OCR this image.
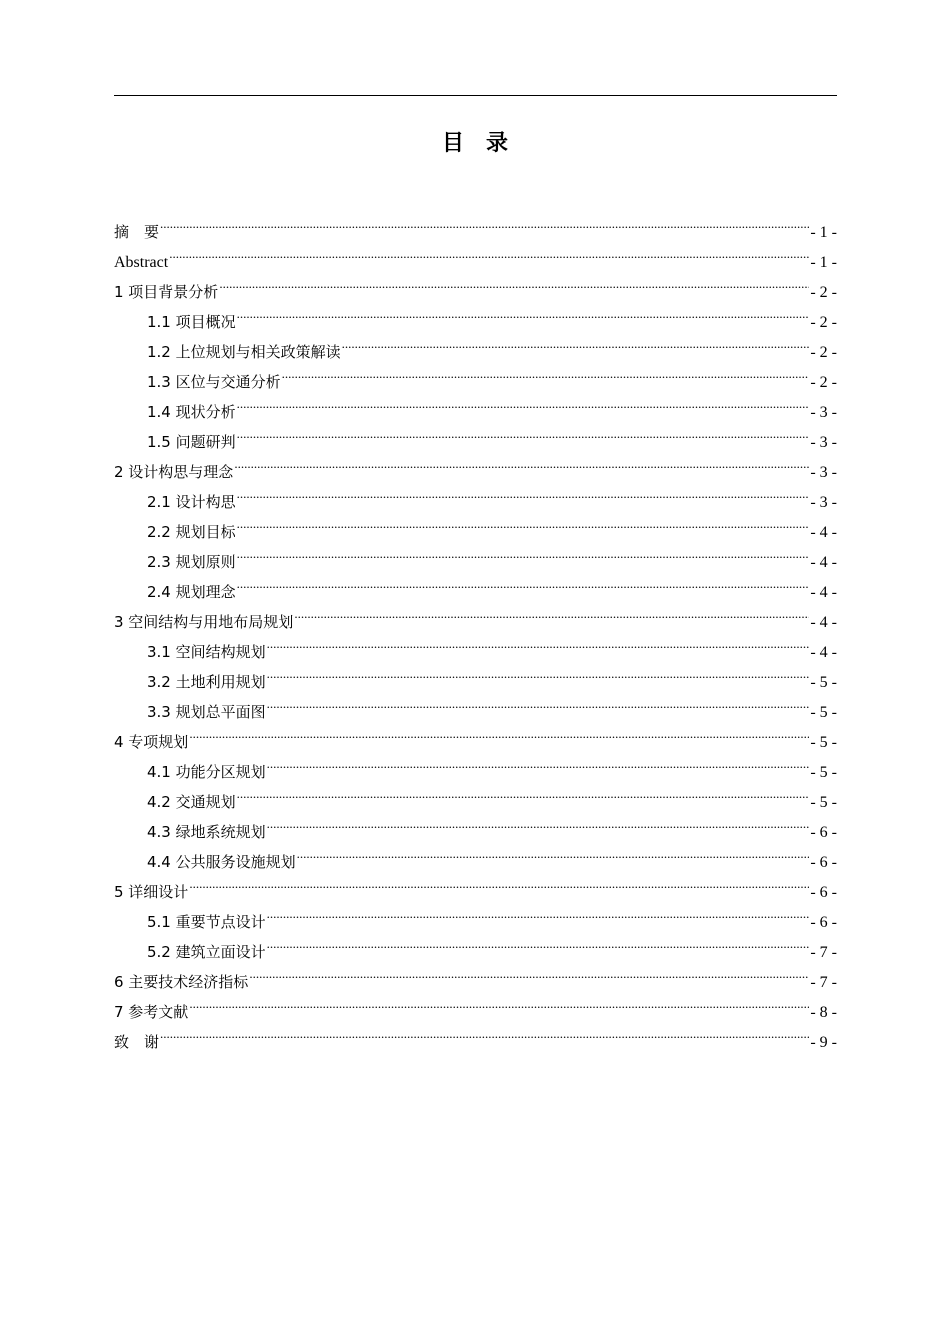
目 录
摘　要 .....	- 1 -
Abstract .....	- 1 -
1 项目背景分析 .....	- 2 -
1.1 项目概况 .....	- 2 -
1.2 上位规划与相关政策解读 .....	- 2 -
1.3 区位与交通分析 .....	- 2 -
1.4 现状分析 .....	- 3 -
1.5 问题研判 .....	- 3 -
2 设计构思与理念 .....	- 3 -
2.1 设计构思 .....	- 3 -
2.2 规划目标 .....	- 4 -
2.3 规划原则 .....	- 4 -
2.4 规划理念 .....	- 4 -
3 空间结构与用地布局规划 .....	- 4 -
3.1 空间结构规划 .....	- 4 -
3.2 土地利用规划 .....	- 5 -
3.3 规划总平面图 .....	- 5 -
4 专项规划 .....	- 5 -
4.1 功能分区规划 .....	- 5 -
4.2 交通规划 .....	- 5 -
4.3 绿地系统规划 .....	- 6 -
4.4 公共服务设施规划 .....	- 6 -
5 详细设计 .....	- 6 -
5.1 重要节点设计 .....	- 6 -
5.2 建筑立面设计 .....	- 7 -
6 主要技术经济指标 .....	- 7 -
7 参考文献 .....	- 8 -
致　谢 .....	- 9 -
